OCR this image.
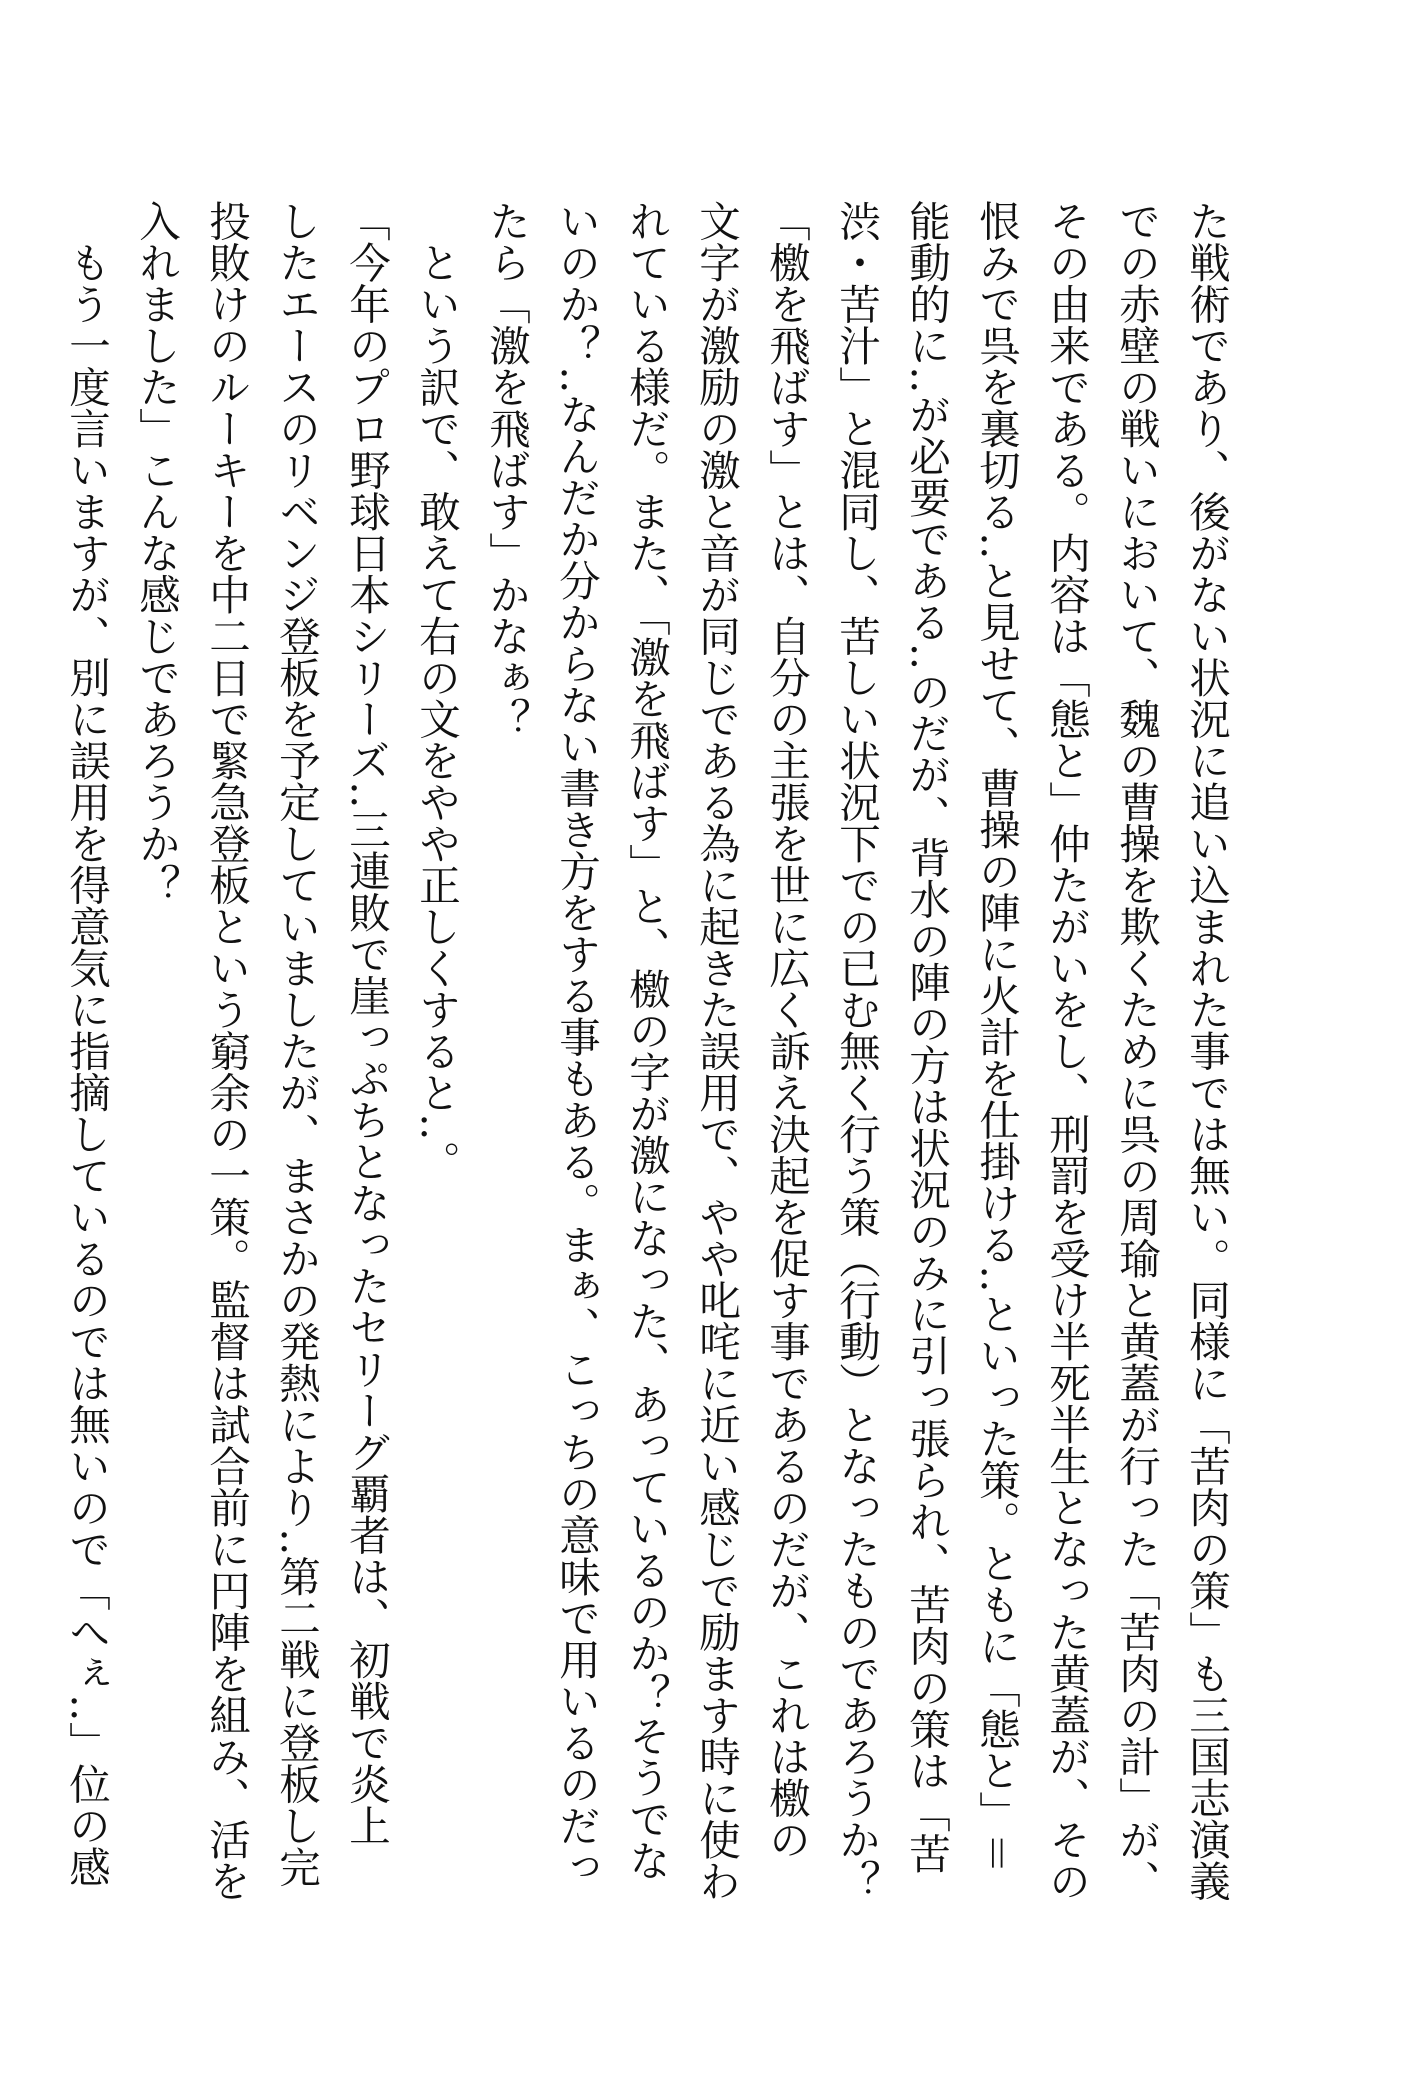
た戦術であり、後がない状況に追い込まれた事では無い。同様に「苦肉の策」も三国志演義

での赤壁の戦いにおいて、魏の曹操を欺くために呉の周瑜と黄蓋が行った「苦肉の計」が、

その由来である。内容は「態と」仲たがいをし、刑罰を受け半死半生となった黄蓋が、その

恨みで呉を裏切る‥と見せて、曹操の陣に火計を仕掛ける‥といった策。ともに「態と」＝

能動的に‥が必要である‥のだが、背水の陣の方は状況のみに引っ張られ、苦肉の策は「苦

渋・苦汁」と混同し、苦しい状況下での已む無く行う策（行動）となったものであろうか？

「檄を飛ばす」とは、自分の主張を世に広く訴え決起を促す事であるのだが、これは檄の

文字が激励の激と音が同じである為に起きた誤用で、やや叱咤に近い感じで励ます時に使わ

れている様だ。また、「激を飛ばす」と、檄の字が激になった、あっているのか？そうでな

いのか？‥なんだか分からない書き方をする事もある。まぁ、こっちの意味で用いるのだっ

たら「激を飛ばす」かなぁ？

　という訳で、敢えて右の文をやや正しくすると‥。

「今年のプロ野球日本シリーズ‥三連敗で崖っぷちとなったセリーグ覇者は、初戦で炎上

したエースのリベンジ登板を予定していましたが、まさかの発熱により‥第二戦に登板し完

投敗けのルーキーを中二日で緊急登板という窮余の一策。監督は試合前に円陣を組み、活を

入れました」こんな感じであろうか？

　もう一度言いますが、別に誤用を得意気に指摘しているのでは無いので「へぇ‥」位の感
